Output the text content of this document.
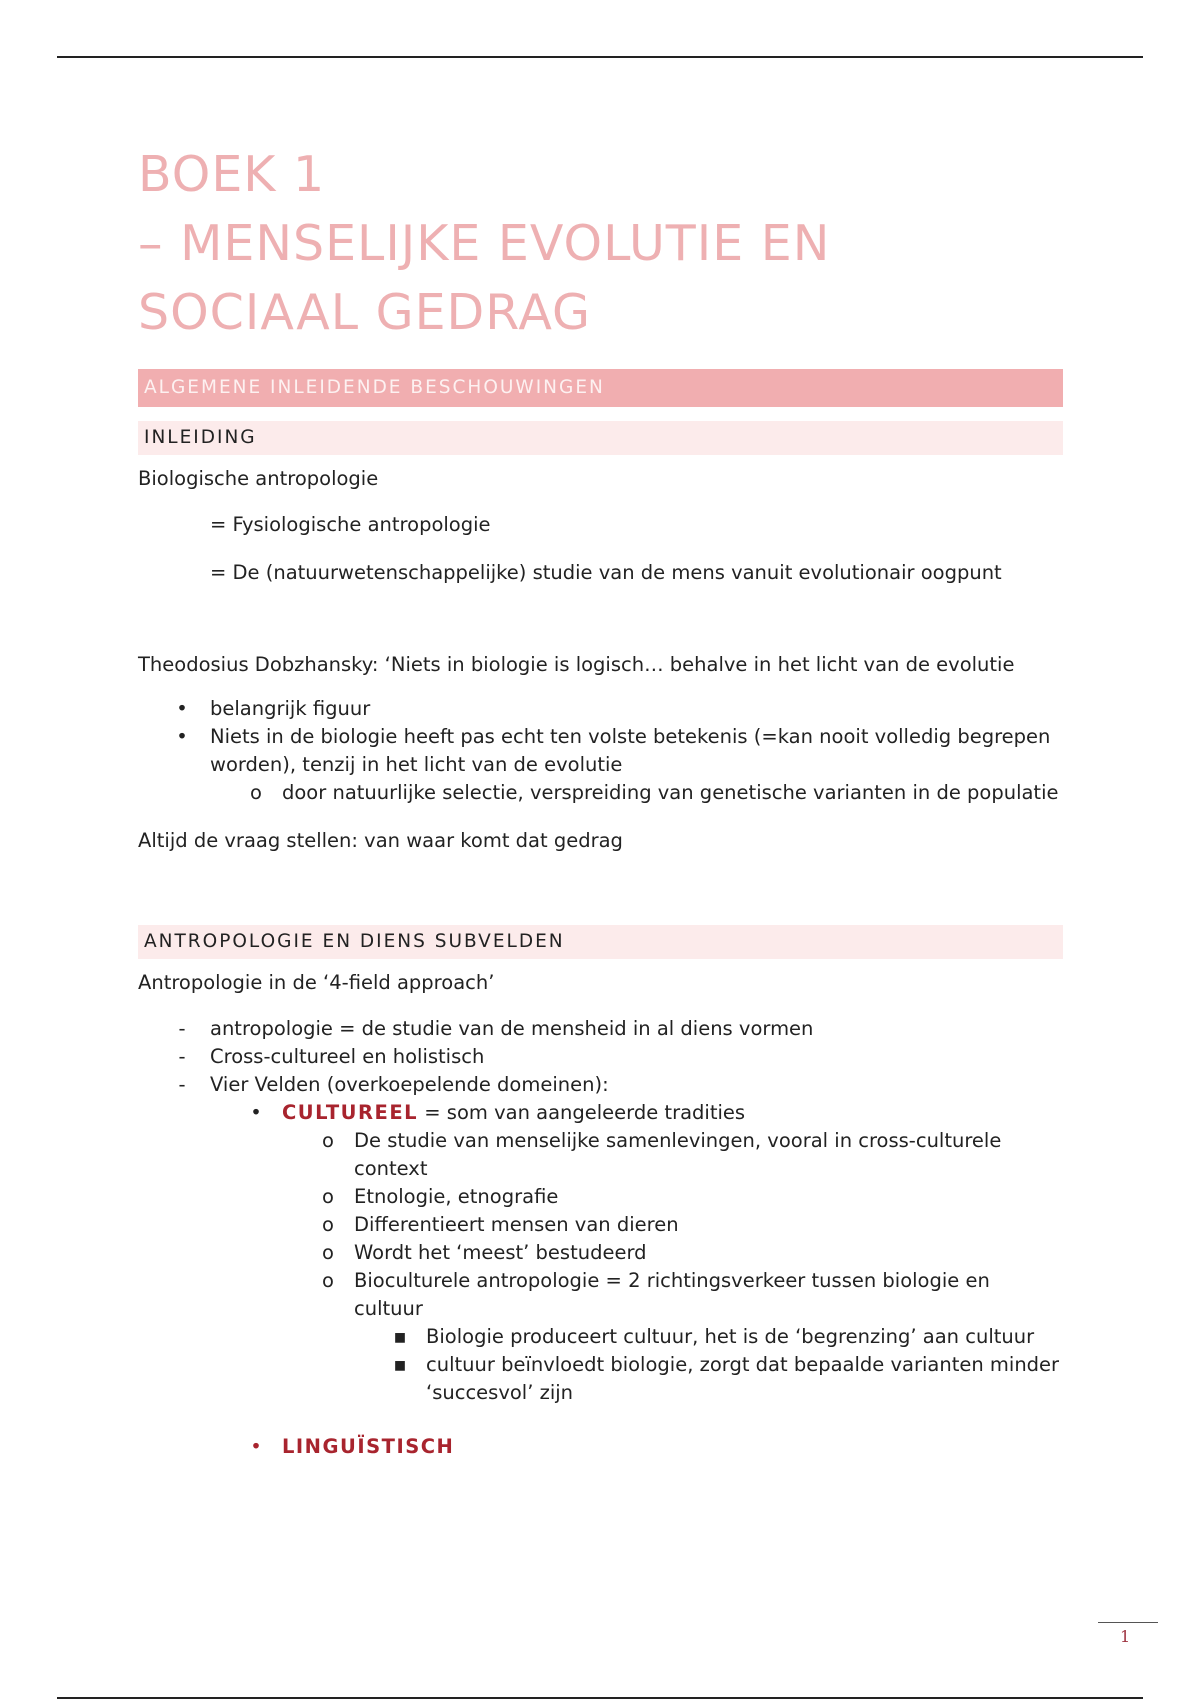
BOEK 1
– MENSELIJKE EVOLUTIE EN
SOCIAAL GEDRAG
ALGEMENE INLEIDENDE BESCHOUWINGEN
INLEIDING

Biologische antropologie

= Fysiologische antropologie

= De (natuurwetenschappelijke) studie van de mens vanuit evolutionair oogpunt

Theodosius Dobzhansky: ‘Niets in biologie is logisch… behalve in het licht van de evolutie

• belangrijk figuur
• Niets in de biologie heeft pas echt ten volste betekenis (=kan nooit volledig begrepen worden), tenzij in het licht van de evolutie
o door natuurlijke selectie, verspreiding van genetische varianten in de populatie

Altijd de vraag stellen: van waar komt dat gedrag

ANTROPOLOGIE EN DIENS SUBVELDEN

Antropologie in de ‘4-field approach’

-	antropologie = de studie van de mensheid in al diens vormen
-	Cross-cultureel en holistisch
-	Vier Velden (overkoepelende domeinen):
• CULTUREEL = som van aangeleerde tradities
o De studie van menselijke samenlevingen, vooral in cross-culturele context
o Etnologie, etnografie
o Differentieert mensen van dieren
o Wordt het ‘meest’ bestudeerd
o Bioculturele antropologie = 2 richtingsverkeer tussen biologie en cultuur
▪ Biologie produceert cultuur, het is de ‘begrenzing’ aan cultuur
▪ cultuur beïnvloedt biologie, zorgt dat bepaalde varianten minder ‘succesvol’ zijn
• LINGUÏSTISCH
1
